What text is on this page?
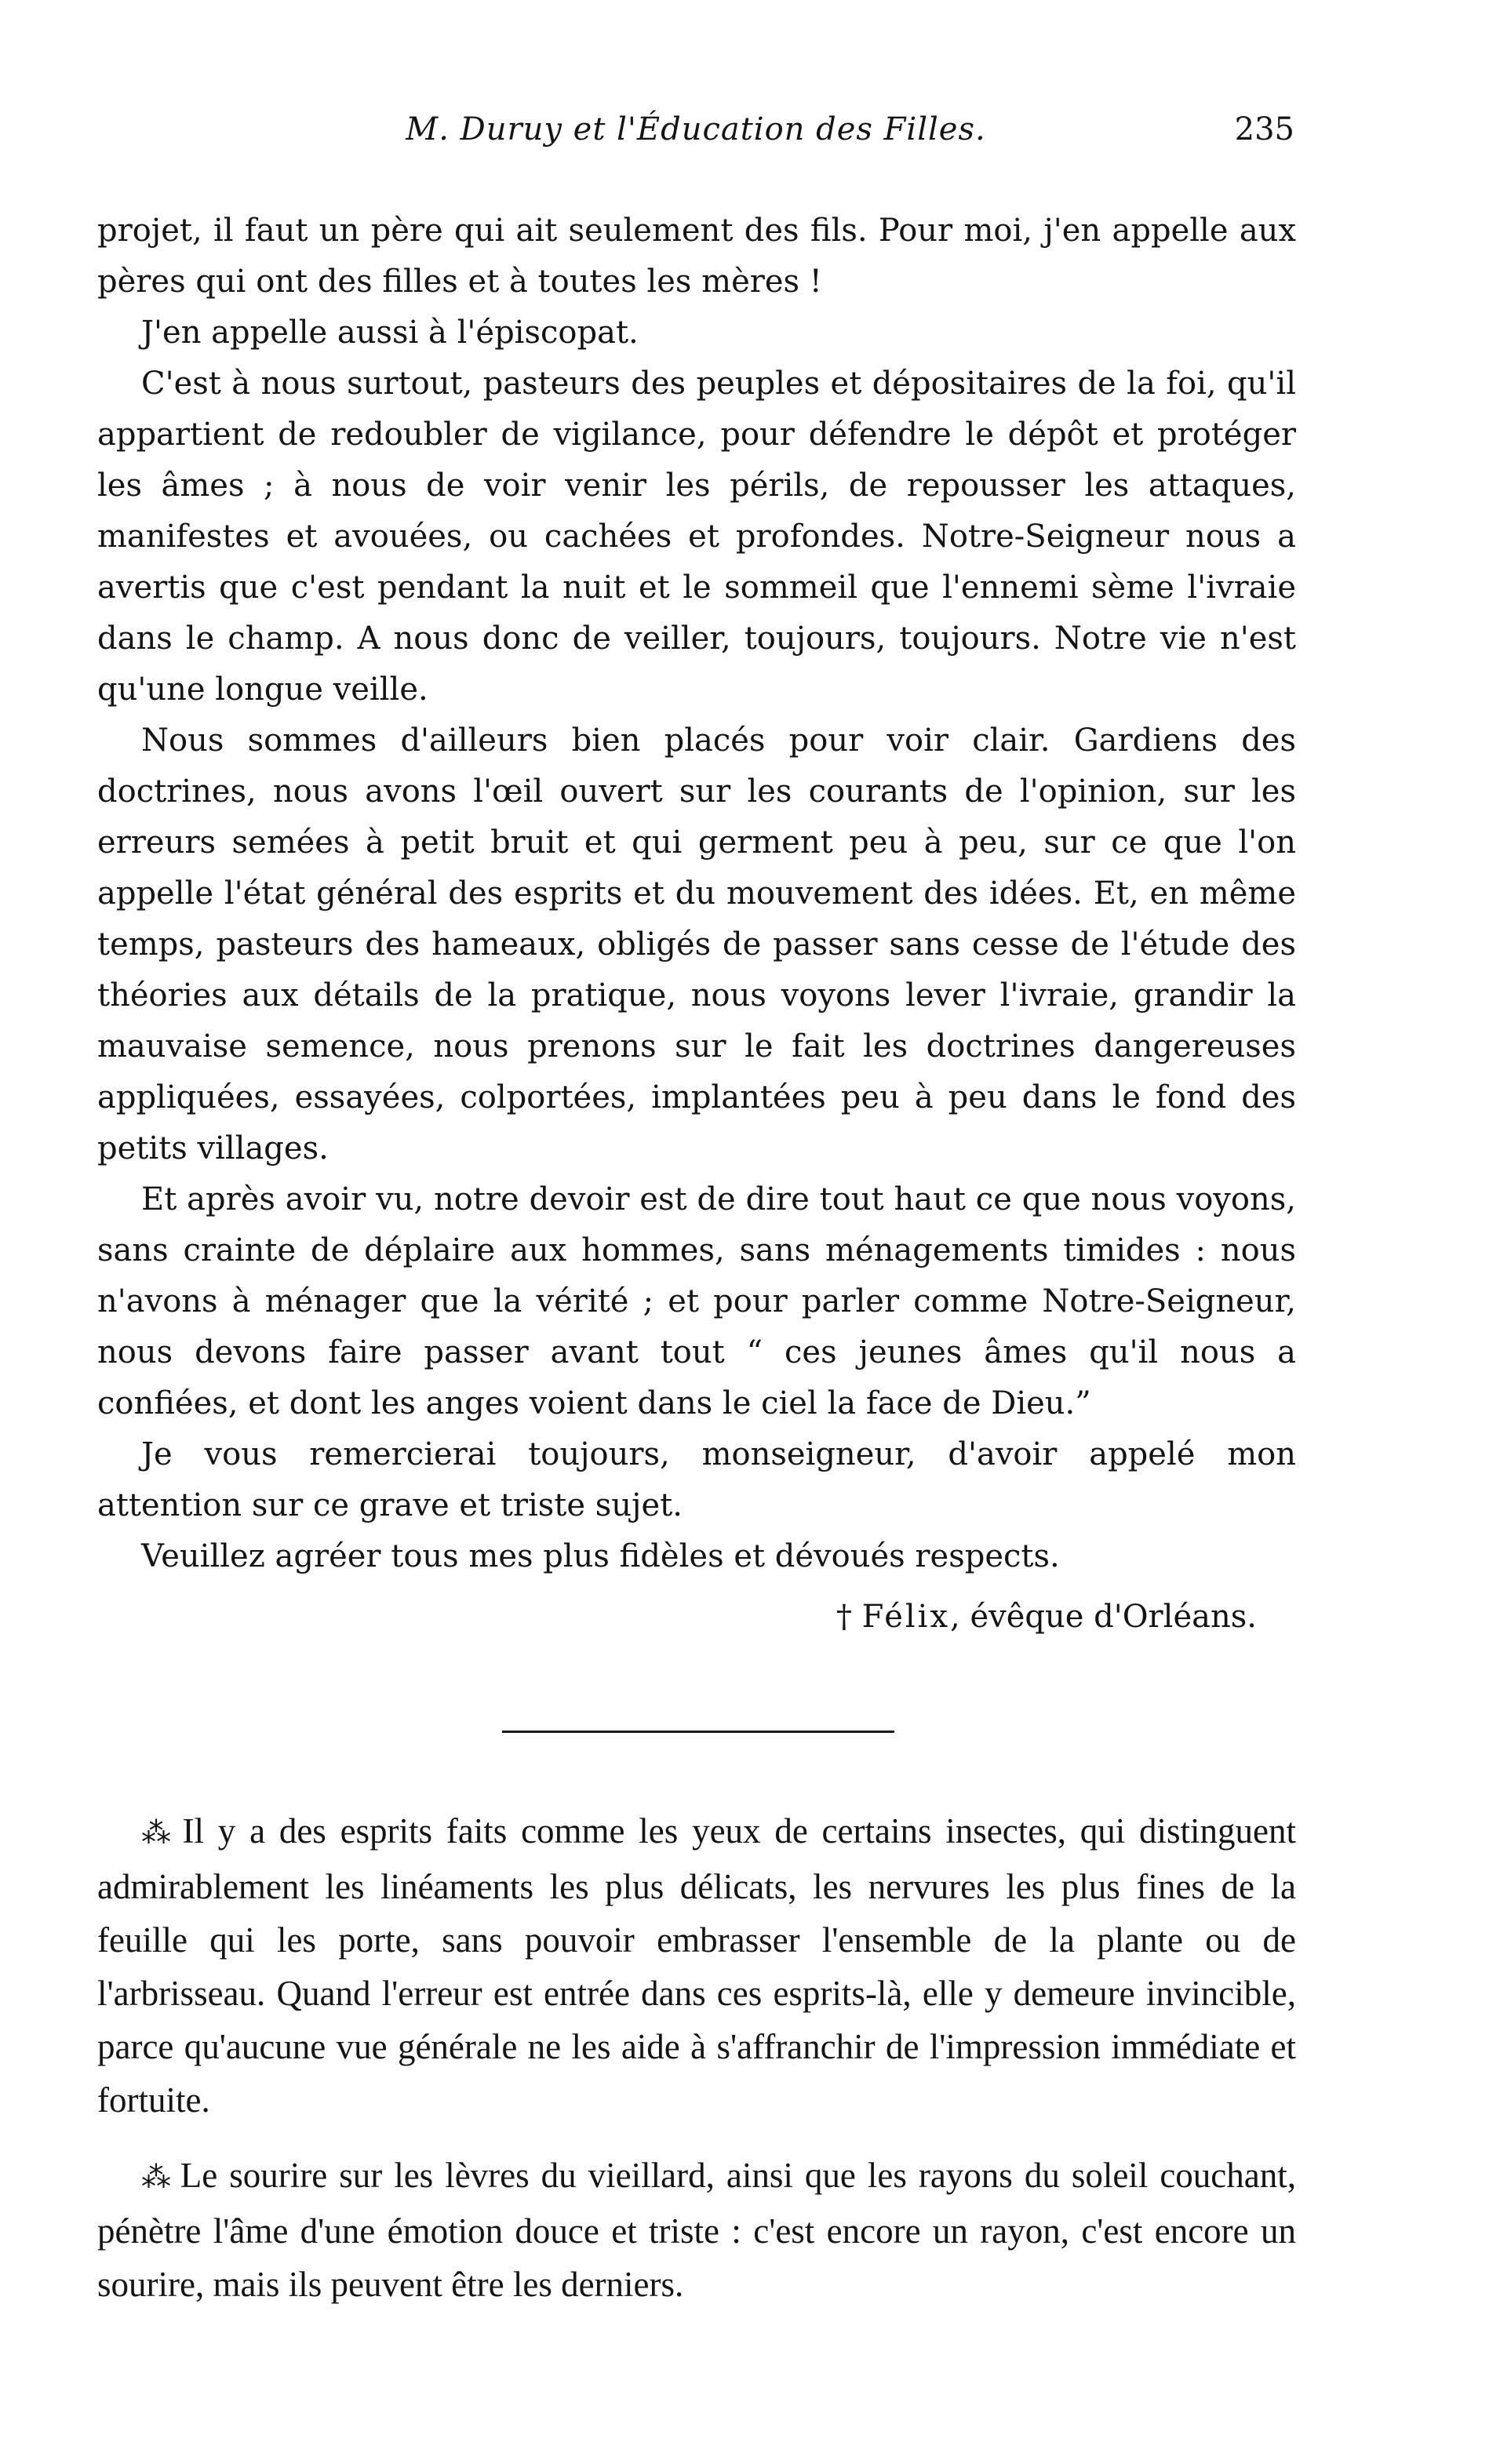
M. Duruy et l'Éducation des Filles.	235

projet, il faut un père qui ait seulement des fils. Pour moi, j'en appelle aux pères qui ont des filles et à toutes les mères !

J'en appelle aussi à l'épiscopat.

C'est à nous surtout, pasteurs des peuples et dépositaires de la foi, qu'il appartient de redoubler de vigilance, pour défendre le dépôt et protéger les âmes ; à nous de voir venir les périls, de repousser les attaques, manifestes et avouées, ou cachées et profondes. Notre-Seigneur nous a avertis que c'est pendant la nuit et le sommeil que l'ennemi sème l'ivraie dans le champ. A nous donc de veiller, toujours, toujours. Notre vie n'est qu'une longue veille.

Nous sommes d'ailleurs bien placés pour voir clair. Gardiens des doctrines, nous avons l'œil ouvert sur les courants de l'opinion, sur les erreurs semées à petit bruit et qui germent peu à peu, sur ce que l'on appelle l'état général des esprits et du mouvement des idées. Et, en même temps, pasteurs des hameaux, obligés de passer sans cesse de l'étude des théories aux détails de la pratique, nous voyons lever l'ivraie, grandir la mauvaise semence, nous prenons sur le fait les doctrines dangereuses appliquées, essayées, colportées, implantées peu à peu dans le fond des petits villages.

Et après avoir vu, notre devoir est de dire tout haut ce que nous voyons, sans crainte de déplaire aux hommes, sans ménagements timides : nous n'avons à ménager que la vérité ; et pour parler comme Notre-Seigneur, nous devons faire passer avant tout “ ces jeunes âmes qu'il nous a confiées, et dont les anges voient dans le ciel la face de Dieu.”

Je vous remercierai toujours, monseigneur, d'avoir appelé mon attention sur ce grave et triste sujet.

Veuillez agréer tous mes plus fidèles et dévoués respects.

† Félix, évêque d'Orléans.

⁂ Il y a des esprits faits comme les yeux de certains insectes, qui distinguent admirablement les linéaments les plus délicats, les nervures les plus fines de la feuille qui les porte, sans pouvoir embrasser l'ensemble de la plante ou de l'arbrisseau. Quand l'erreur est entrée dans ces esprits-là, elle y demeure invincible, parce qu'aucune vue générale ne les aide à s'affranchir de l'impression immédiate et fortuite.

⁂ Le sourire sur les lèvres du vieillard, ainsi que les rayons du soleil couchant, pénètre l'âme d'une émotion douce et triste : c'est encore un rayon, c'est encore un sourire, mais ils peuvent être les derniers.
